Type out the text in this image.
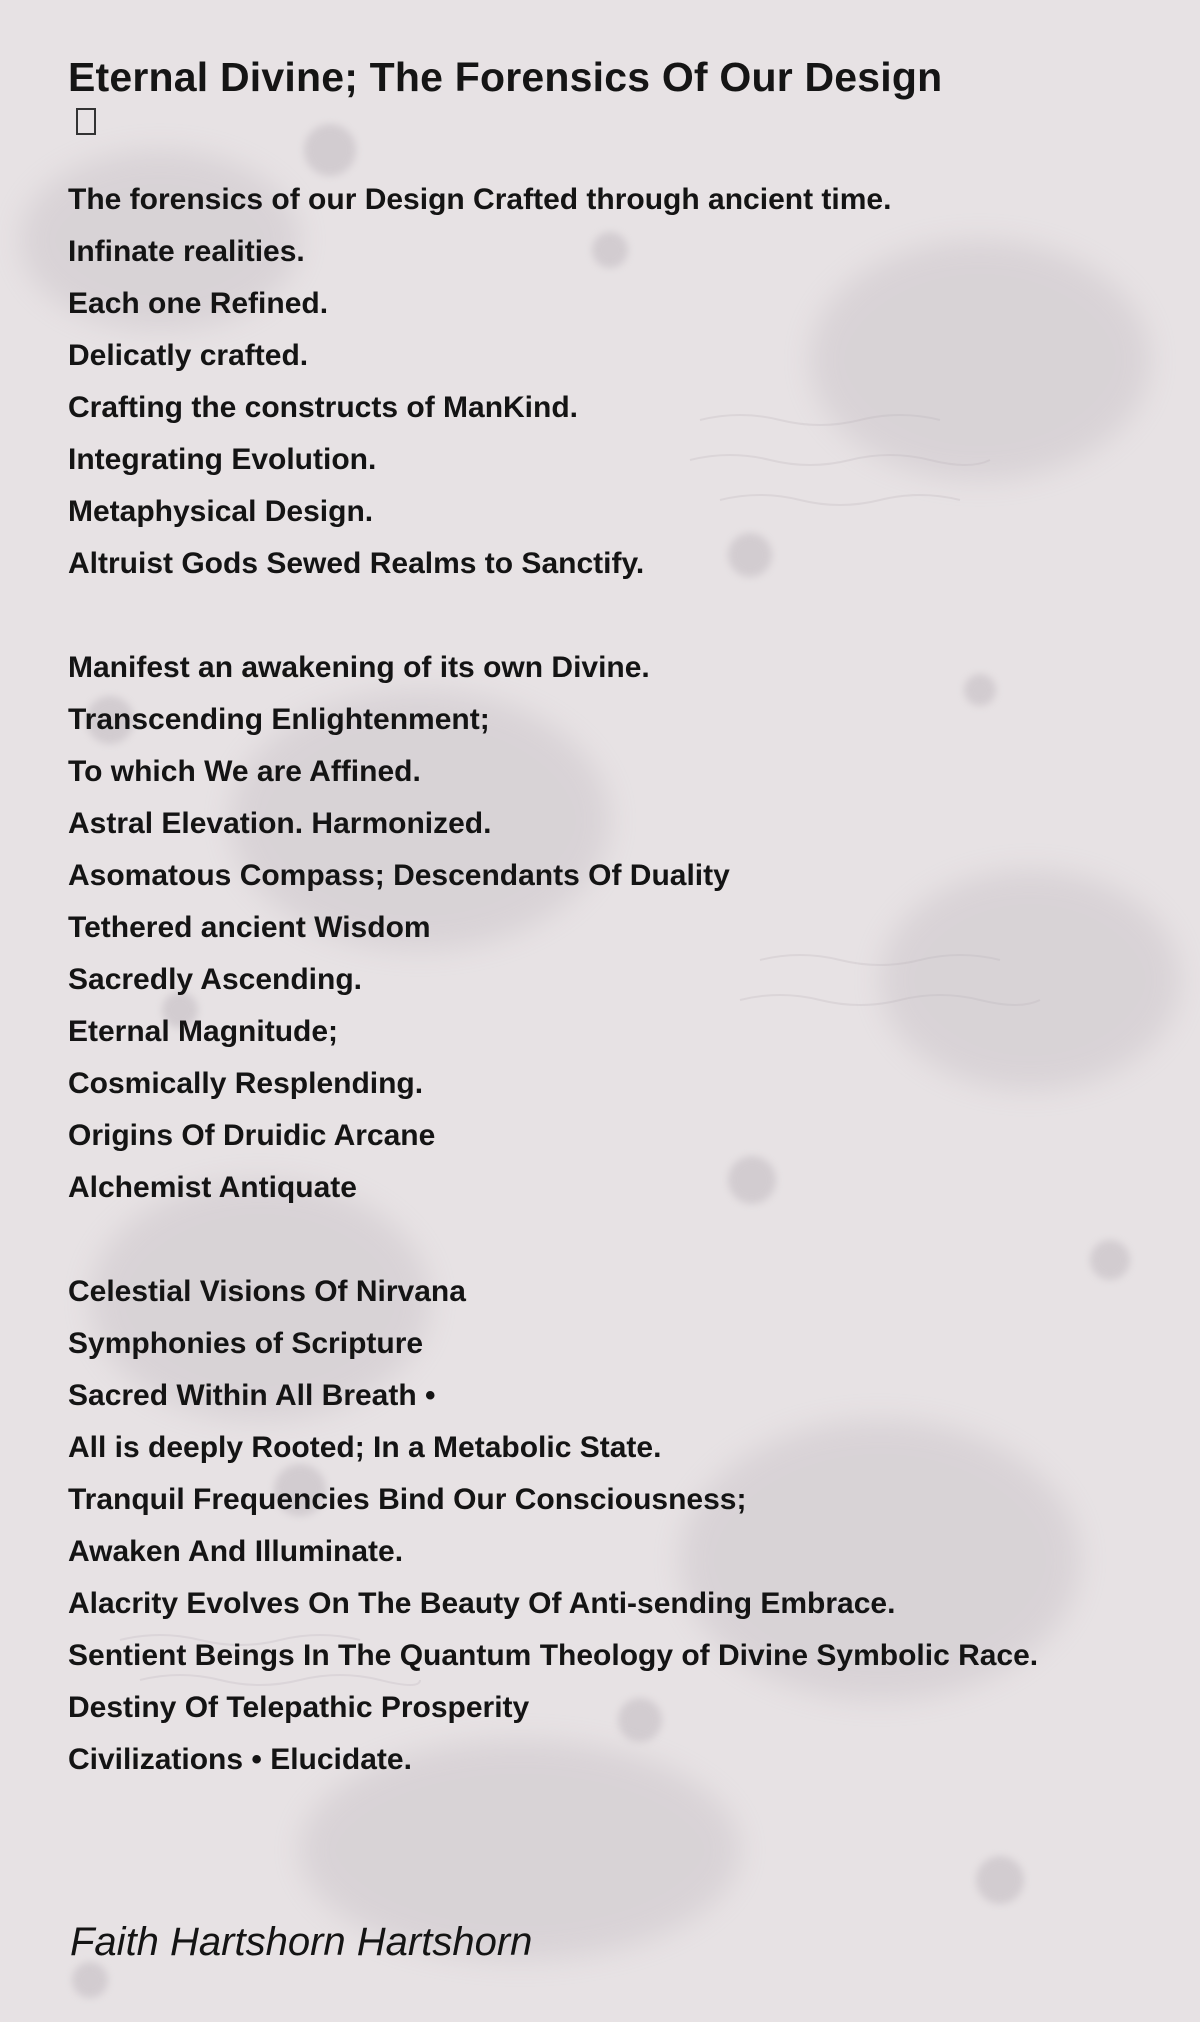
Eternal Divine; The Forensics Of Our Design
The forensics of our Design Crafted through ancient time.
Infinate realities.
Each one Refined.
Delicatly crafted.
Crafting the constructs of ManKind.
Integrating Evolution.
Metaphysical Design.
Altruist Gods Sewed Realms to Sanctify.
Manifest an awakening of its own Divine.
Transcending Enlightenment;
To which We are Affined.
Astral Elevation. Harmonized.
Asomatous Compass; Descendants Of Duality
Tethered ancient Wisdom
Sacredly Ascending.
Eternal Magnitude;
Cosmically Resplending.
Origins Of Druidic Arcane
Alchemist Antiquate
Celestial Visions Of Nirvana
Symphonies of Scripture
Sacred Within All Breath •
All is deeply Rooted; In a Metabolic State.
Tranquil Frequencies Bind Our Consciousness;
Awaken And Illuminate.
Alacrity Evolves On The Beauty Of Anti-sending Embrace.
Sentient Beings In The Quantum Theology of Divine Symbolic Race.
Destiny Of Telepathic Prosperity
Civilizations • Elucidate.
Faith Hartshorn Hartshorn
